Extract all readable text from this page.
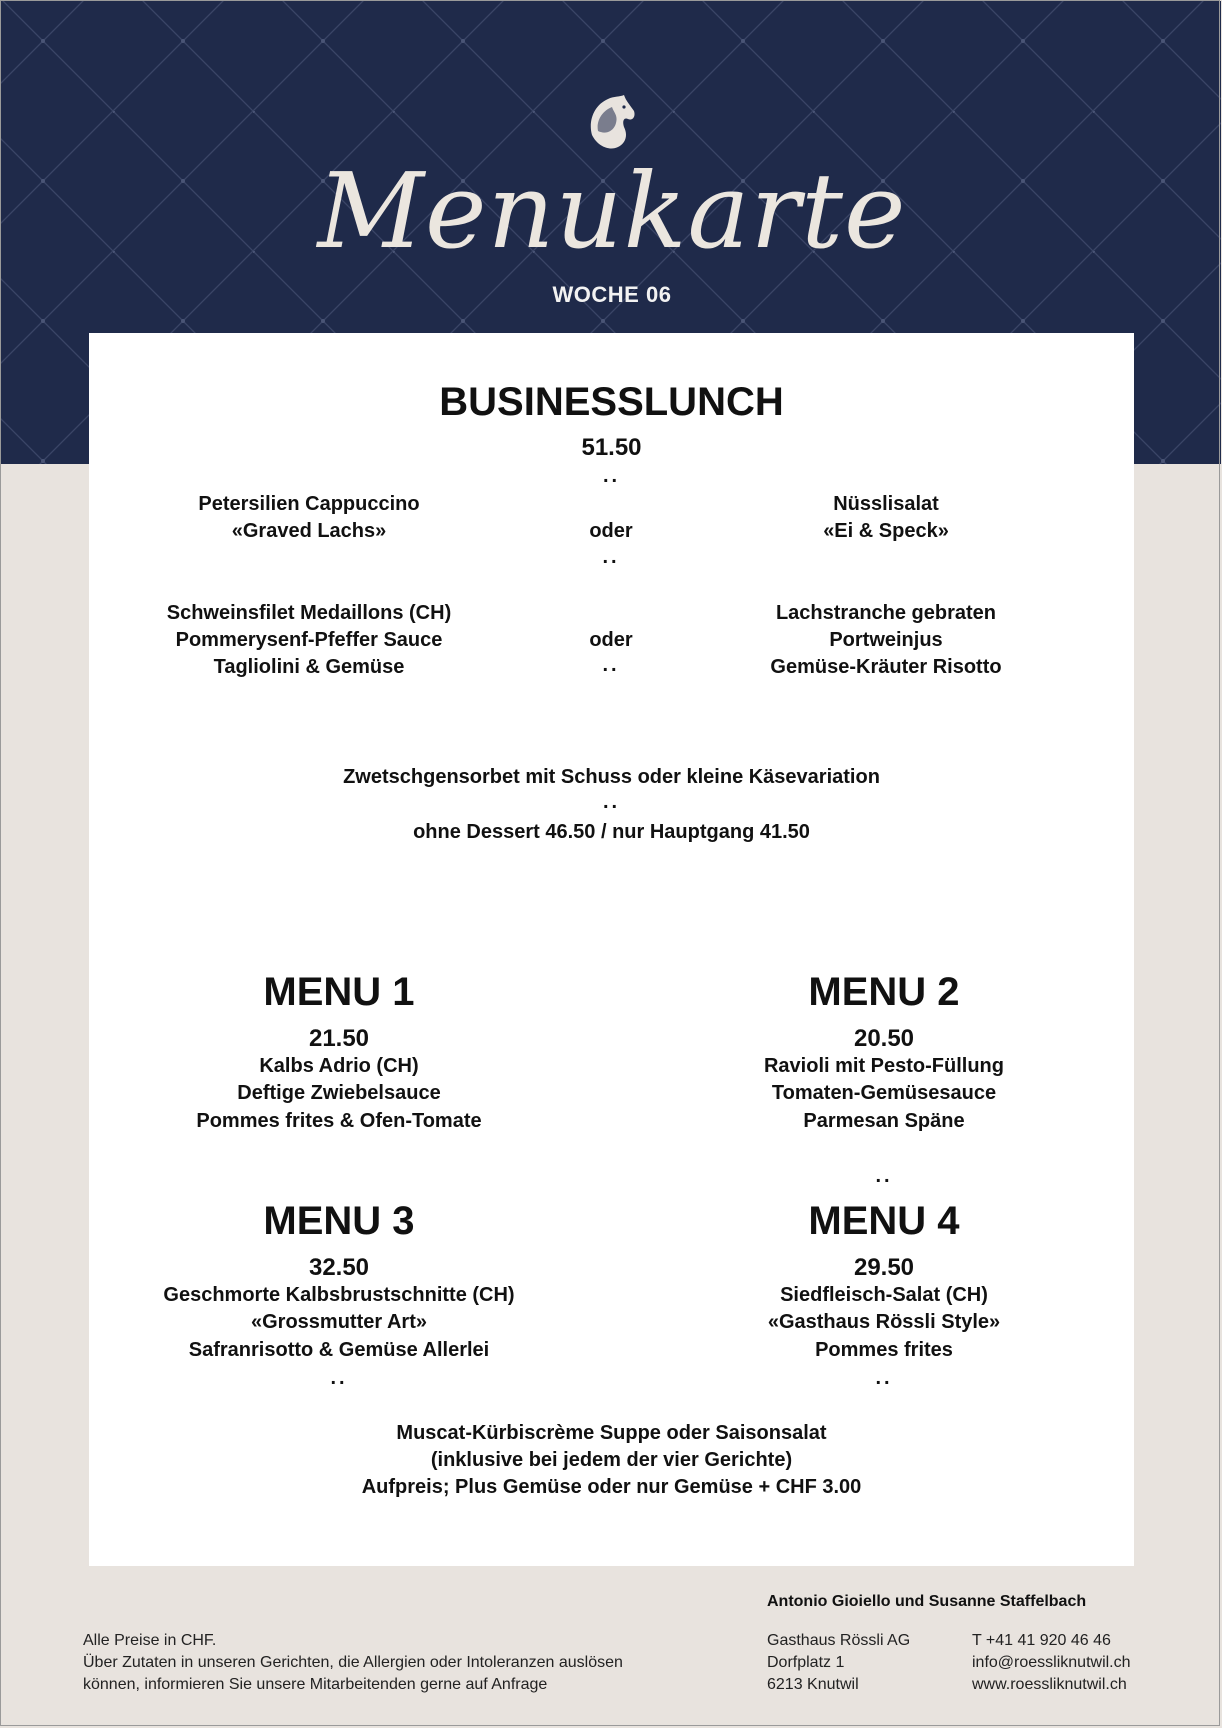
Menukarte
WOCHE 06
BUSINESSLUNCH
51.50
..
Petersilien Cappuccino
«Graved Lachs»	oder
..
Nüsslisalat
«Ei & Speck»
Schweinsfilet Medaillons (CH)
Pommerysenf-Pfeffer Sauce
Tagliolini & Gemüse
oder
..
Lachstranche gebraten
Portweinjus
Gemüse-Kräuter Risotto
Zwetschgensorbet mit Schuss oder kleine Käsevariation
..
ohne Dessert 46.50 / nur Hauptgang 41.50
MENU 1
21.50
Kalbs Adrio (CH)
Deftige Zwiebelsauce
Pommes frites & Ofen-Tomate
MENU 2
20.50
Ravioli mit Pesto-Füllung
Tomaten-Gemüsesauce
Parmesan Späne
..
MENU 3
32.50
Geschmorte Kalbsbrustschnitte (CH)
«Grossmutter Art»
Safranrisotto & Gemüse Allerlei
..
MENU 4
29.50
Siedfleisch-Salat (CH)
«Gasthaus Rössli Style»
Pommes frites
..
Muscat-Kürbiscrème Suppe oder Saisonsalat
(inklusive bei jedem der vier Gerichte)
Aufpreis; Plus Gemüse oder nur Gemüse + CHF 3.00
Antonio Gioiello und Susanne Staffelbach
Alle Preise in CHF.
Über Zutaten in unseren Gerichten, die Allergien oder Intoleranzen auslösen
können, informieren Sie unsere Mitarbeitenden gerne auf Anfrage
Gasthaus Rössli AG
Dorfplatz 1
6213 Knutwil
T +41 41 920 46 46
info@roessliknutwil.ch
www.roessliknutwil.ch
